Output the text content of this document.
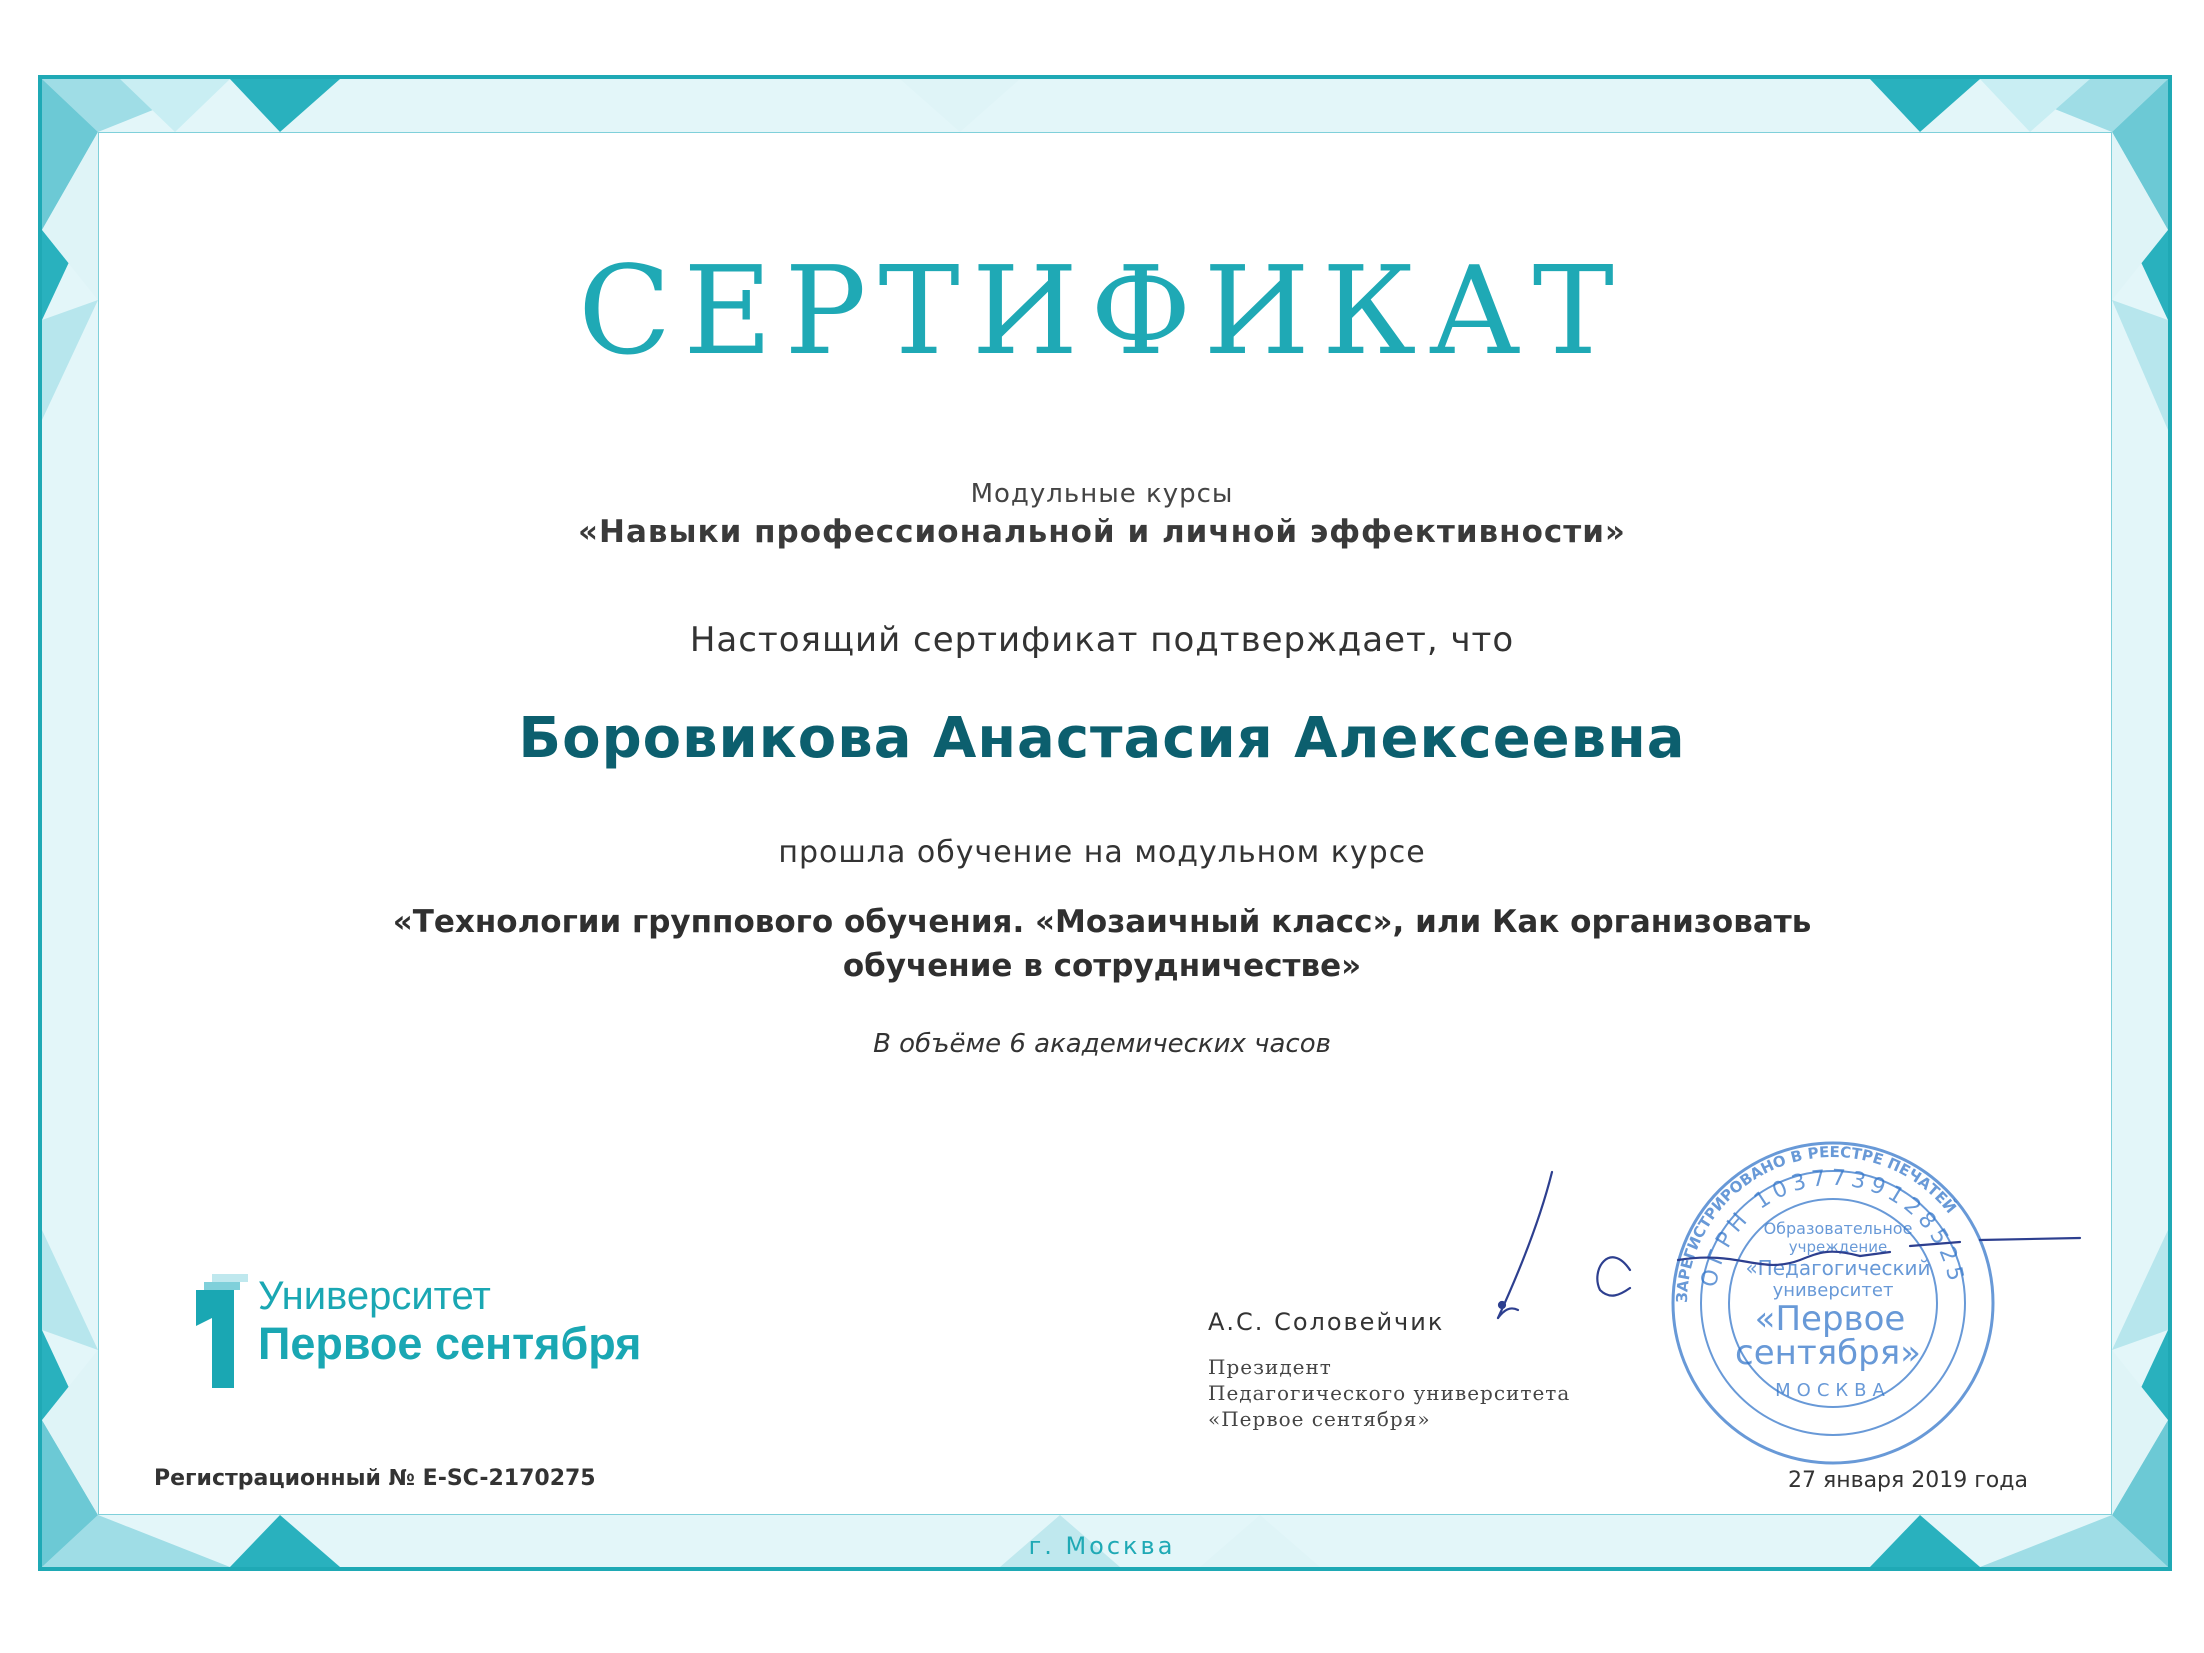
СЕРТИФИКАТ

Модульные курсы

«Навыки профессиональной и личной эффективности»

Настоящий сертификат подтверждает, что

Боровикова Анастасия Алексеевна

прошла обучение на модульном курсе

«Технологии группового обучения. «Мозаичный класс», или Как организовать обучение в сотрудничестве»

В объёме 6 академических часов

Университет

Первое сентября

Регистрационный № E-SC-2170275

А.С. Соловейчик

Президент

Педагогического университета

«Первое сентября»

ЗАРЕГИСТРИРОВАНО В РЕЕСТРЕ ПЕЧАТЕЙ
ОГРН 1037739128525
МОСКВА
Образовательное
учреждение
«Педагогический
университет
«Первое
сентября»

27 января 2019 года

г. Москва
